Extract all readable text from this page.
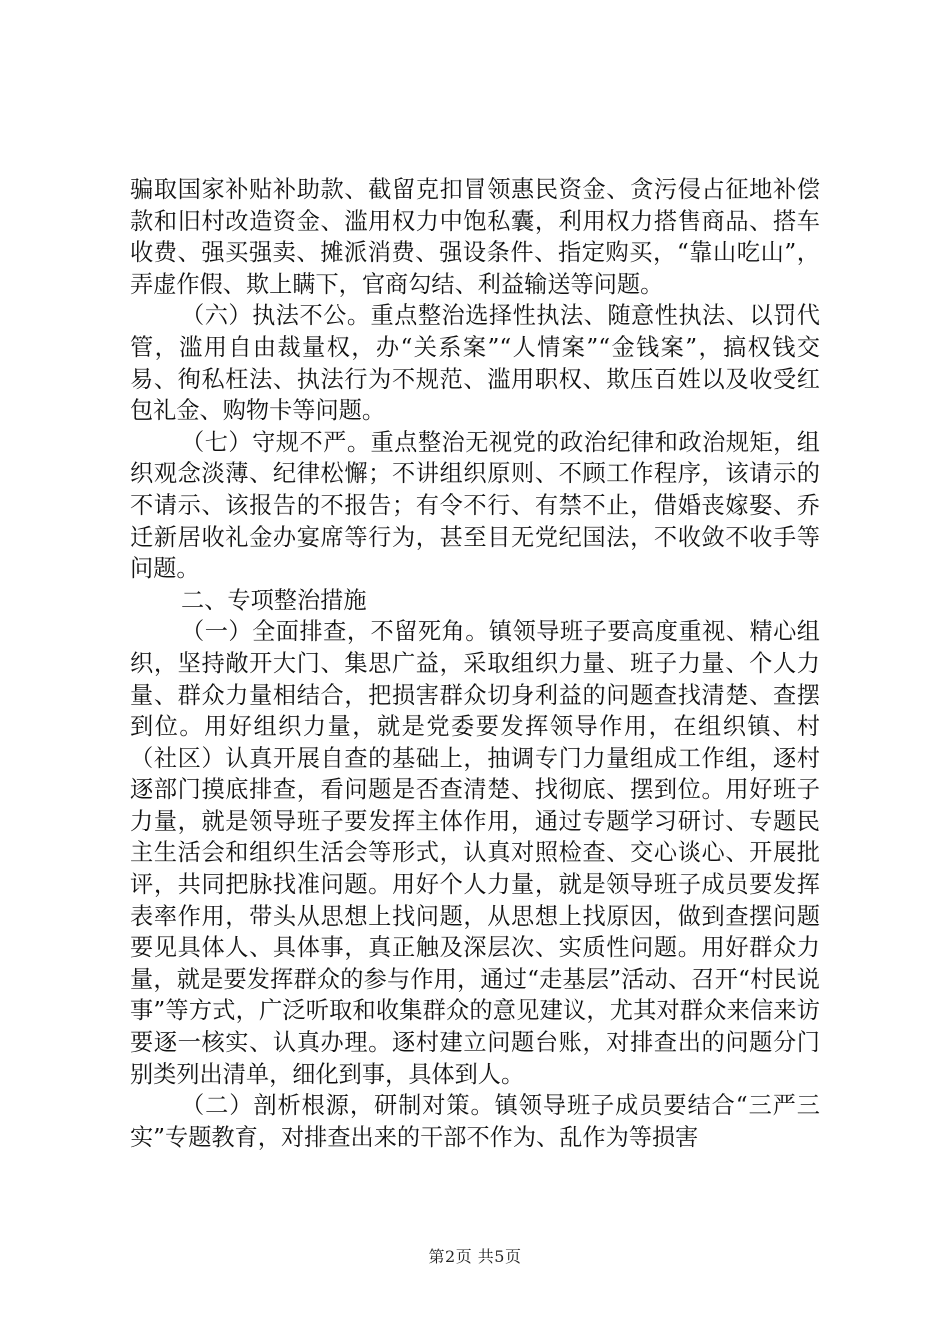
骗取国家补贴补助款、截留克扣冒领惠民资金、贪污侵占征地补偿款和旧村改造资金、滥用权力中饱私囊，利用权力搭售商品、搭车收费、强买强卖、摊派消费、强设条件、指定购买，“靠山吃山”，弄虚作假、欺上瞒下，官商勾结、利益输送等问题。

（六）执法不公。重点整治选择性执法、随意性执法、以罚代管，滥用自由裁量权，办“关系案”“人情案”“金钱案”，搞权钱交易、徇私枉法、执法行为不规范、滥用职权、欺压百姓以及收受红包礼金、购物卡等问题。

（七）守规不严。重点整治无视党的政治纪律和政治规矩，组织观念淡薄、纪律松懈；不讲组织原则、不顾工作程序，该请示的不请示、该报告的不报告；有令不行、有禁不止，借婚丧嫁娶、乔迁新居收礼金办宴席等行为，甚至目无党纪国法，不收敛不收手等问题。

二、专项整治措施

（一）全面排查，不留死角。镇领导班子要高度重视、精心组织，坚持敞开大门、集思广益，采取组织力量、班子力量、个人力量、群众力量相结合，把损害群众切身利益的问题查找清楚、查摆到位。用好组织力量，就是党委要发挥领导作用，在组织镇、村（社区）认真开展自查的基础上，抽调专门力量组成工作组，逐村逐部门摸底排查，看问题是否查清楚、找彻底、摆到位。用好班子力量，就是领导班子要发挥主体作用，通过专题学习研讨、专题民主生活会和组织生活会等形式，认真对照检查、交心谈心、开展批评，共同把脉找准问题。用好个人力量，就是领导班子成员要发挥表率作用，带头从思想上找问题，从思想上找原因，做到查摆问题要见具体人、具体事，真正触及深层次、实质性问题。用好群众力量，就是要发挥群众的参与作用，通过“走基层”活动、召开“村民说事”等方式，广泛听取和收集群众的意见建议，尤其对群众来信来访要逐一核实、认真办理。逐村建立问题台账，对排查出的问题分门别类列出清单，细化到事，具体到人。

（二）剖析根源，研制对策。镇领导班子成员要结合“三严三实”专题教育，对排查出来的干部不作为、乱作为等损害

第2页 共5页
